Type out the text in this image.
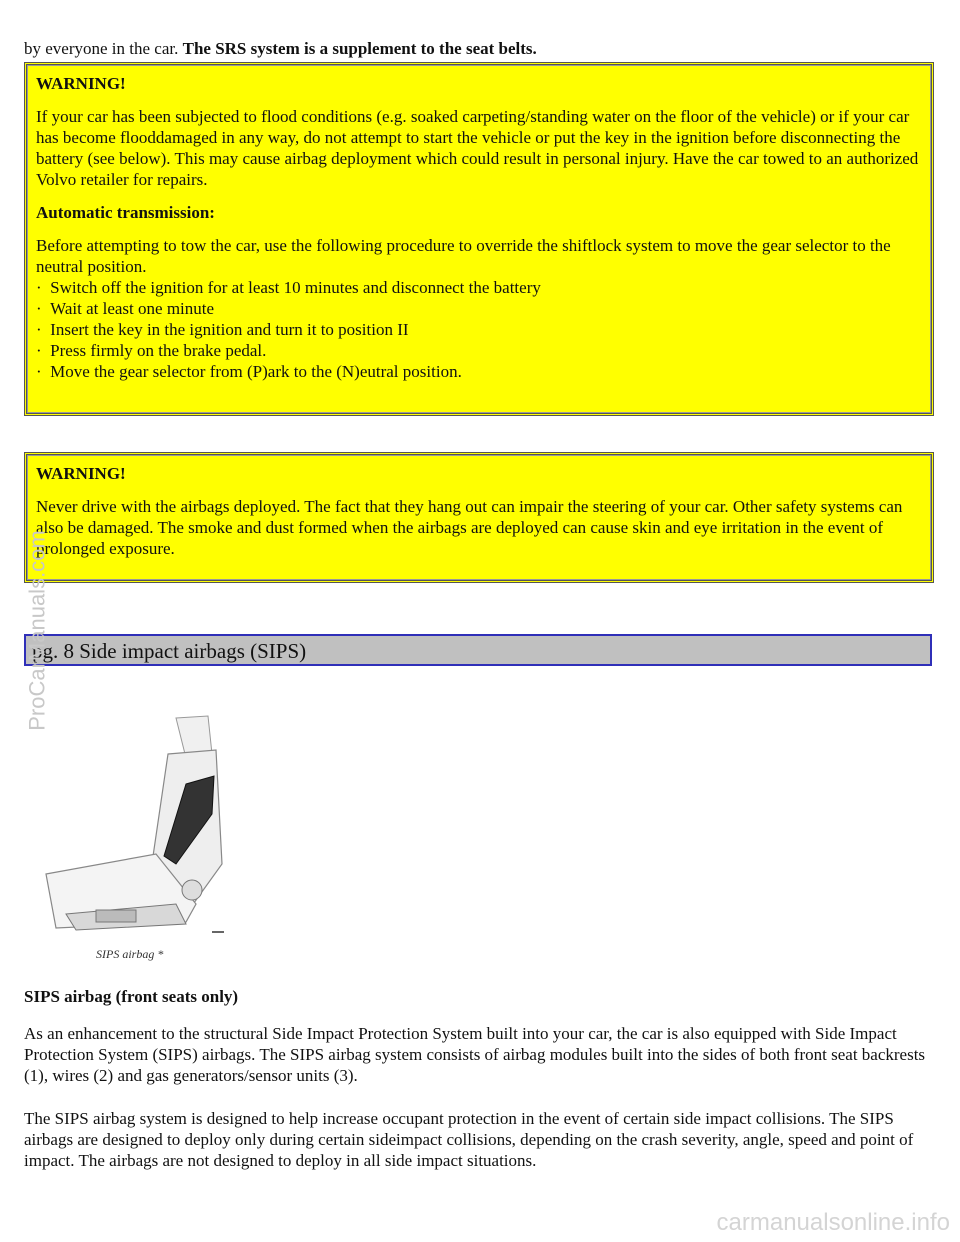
by everyone in the car. The SRS system is a supplement to the seat belts.
WARNING!

If your car has been subjected to flood conditions (e.g. soaked carpeting/standing water on the floor of the vehicle) or if your car has become flooddamaged in any way, do not attempt to start the vehicle or put the key in the ignition before disconnecting the battery (see below). This may cause airbag deployment which could result in personal injury. Have the car towed to an authorized Volvo retailer for repairs.

Automatic transmission:
Before attempting to tow the car, use the following procedure to override the shiftlock system to move the gear selector to the neutral position.
·  Switch off the ignition for at least 10 minutes and disconnect the battery
·  Wait at least one minute
·  Insert the key in the ignition and turn it to position II
·  Press firmly on the brake pedal.
·  Move the gear selector from (P)ark to the (N)eutral position.
WARNING!

Never drive with the airbags deployed. The fact that they hang out can impair the steering of your car. Other safety systems can also be damaged. The smoke and dust formed when the airbags are deployed can cause skin and eye irritation in the event of prolonged exposure.

pg. 8 Side impact airbags (SIPS)
SIPS airbag *
SIPS airbag (front seats only)

As an enhancement to the structural Side Impact Protection System built into your car, the car is also equipped with Side Impact Protection System (SIPS) airbags. The SIPS airbag system consists of airbag modules built into the sides of both front seat backrests (1), wires (2) and gas generators/sensor units (3).

The SIPS airbag system is designed to help increase occupant protection in the event of certain side impact collisions. The SIPS airbags are designed to deploy only during certain sideimpact collisions, depending on the crash severity, angle, speed and point of impact. The airbags are not designed to deploy in all side impact situations.

ProCarManuals.com
carmanualsonline.info
